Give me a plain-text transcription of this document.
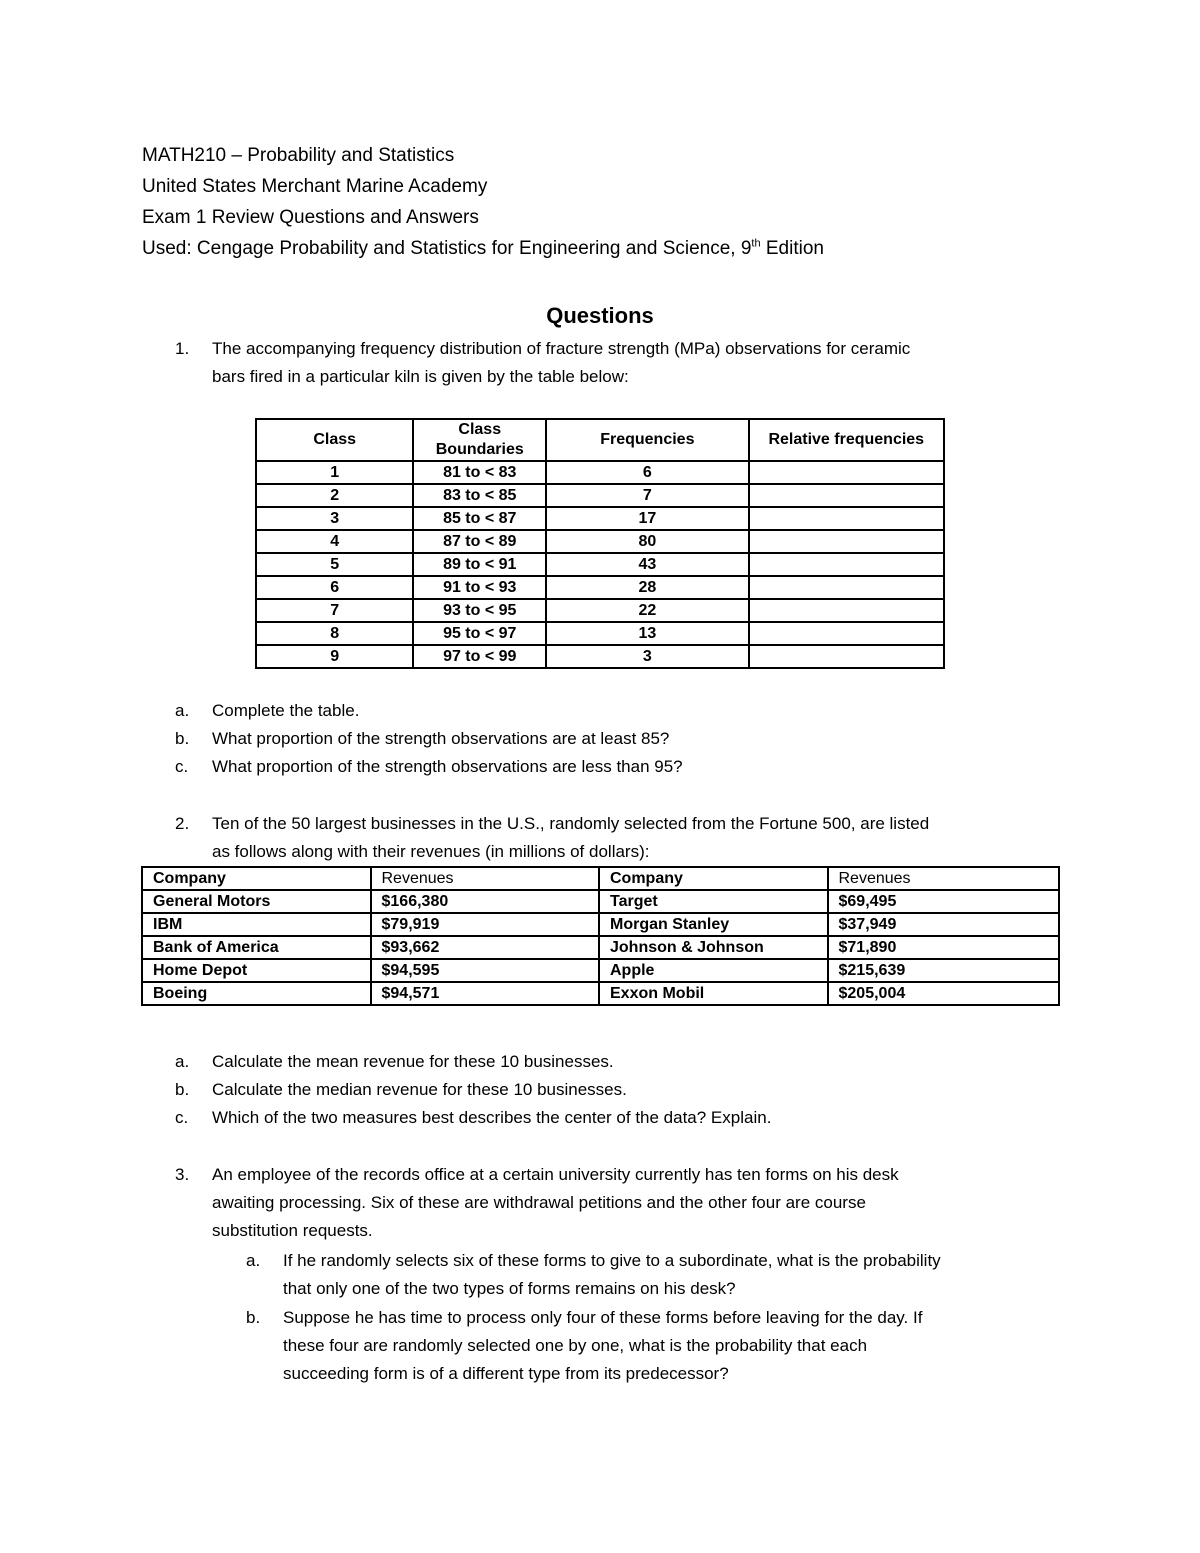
MATH210 – Probability and Statistics
United States Merchant Marine Academy
Exam 1 Review Questions and Answers
Used: Cengage Probability and Statistics for Engineering and Science, 9th Edition
Questions
1. The accompanying frequency distribution of fracture strength (MPa) observations for ceramic
bars fired in a particular kiln is given by the table below:
Class	Class Boundaries	Frequencies	Relative frequencies
1	81 to < 83	6	
2	83 to < 85	7	
3	85 to < 87	17	
4	87 to < 89	80	
5	89 to < 91	43	
6	91 to < 93	28	
7	93 to < 95	22	
8	95 to < 97	13	
9	97 to < 99	3	
a. Complete the table.
b. What proportion of the strength observations are at least 85?
c. What proportion of the strength observations are less than 95?
2. Ten of the 50 largest businesses in the U.S., randomly selected from the Fortune 500, are listed
as follows along with their revenues (in millions of dollars):
Company	Revenues	Company	Revenues
General Motors	$166,380	Target	$69,495
IBM	$79,919	Morgan Stanley	$37,949
Bank of America	$93,662	Johnson & Johnson	$71,890
Home Depot	$94,595	Apple	$215,639
Boeing	$94,571	Exxon Mobil	$205,004
a. Calculate the mean revenue for these 10 businesses.
b. Calculate the median revenue for these 10 businesses.
c. Which of the two measures best describes the center of the data? Explain.
3. An employee of the records office at a certain university currently has ten forms on his desk
awaiting processing. Six of these are withdrawal petitions and the other four are course
substitution requests.
a. If he randomly selects six of these forms to give to a subordinate, what is the probability
that only one of the two types of forms remains on his desk?
b. Suppose he has time to process only four of these forms before leaving for the day. If
these four are randomly selected one by one, what is the probability that each
succeeding form is of a different type from its predecessor?
